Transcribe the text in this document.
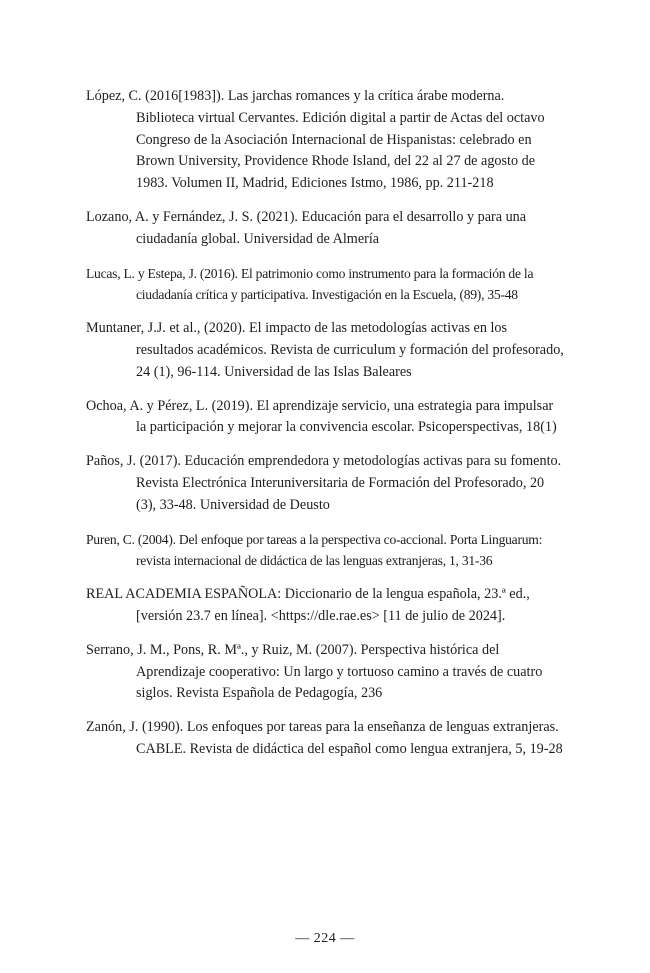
López, C. (2016[1983]). Las jarchas romances y la crítica árabe moderna. Biblioteca virtual Cervantes. Edición digital a partir de Actas del octavo Congreso de la Asociación Internacional de Hispanistas: celebrado en Brown University, Providence Rhode Island, del 22 al 27 de agosto de 1983. Volumen II, Madrid, Ediciones Istmo, 1986, pp. 211-218
Lozano, A. y Fernández, J. S. (2021). Educación para el desarrollo y para una ciudadanía global. Universidad de Almería
Lucas, L. y Estepa, J. (2016). El patrimonio como instrumento para la formación de la ciudadanía crítica y participativa. Investigación en la Escuela, (89), 35-48
Muntaner, J.J. et al., (2020). El impacto de las metodologías activas en los resultados académicos. Revista de curriculum y formación del profesorado, 24 (1), 96-114. Universidad de las Islas Baleares
Ochoa, A. y Pérez, L. (2019). El aprendizaje servicio, una estrategia para impulsar la participación y mejorar la convivencia escolar. Psicoperspectivas, 18(1)
Paños, J. (2017). Educación emprendedora y metodologías activas para su fomento. Revista Electrónica Interuniversitaria de Formación del Profesorado, 20 (3), 33-48. Universidad de Deusto
Puren, C. (2004). Del enfoque por tareas a la perspectiva co-accional. Porta Linguarum: revista internacional de didáctica de las lenguas extranjeras, 1, 31-36
REAL ACADEMIA ESPAÑOLA: Diccionario de la lengua española, 23.ª ed., [versión 23.7 en línea]. <https://dle.rae.es> [11 de julio de 2024].
Serrano, J. M., Pons, R. Mª., y Ruiz, M. (2007). Perspectiva histórica del Aprendizaje cooperativo: Un largo y tortuoso camino a través de cuatro siglos. Revista Española de Pedagogía, 236
Zanón, J. (1990). Los enfoques por tareas para la enseñanza de lenguas extranjeras. CABLE. Revista de didáctica del español como lengua extranjera, 5, 19-28
— 224 —
